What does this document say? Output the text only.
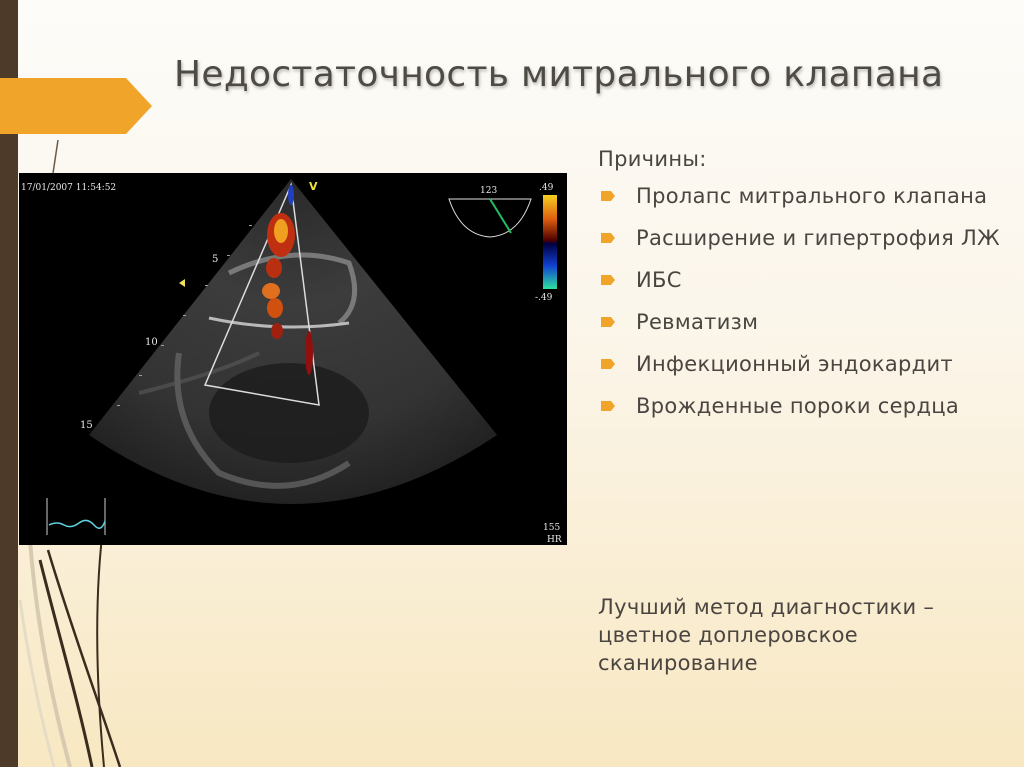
Недостаточность митрального клапана
5
10
15
17/01/2007 11:54:52	V	123	.49
-.49
155
HR

Причины:

Пролапс митрального клапана
Расширение и гипертрофия ЛЖ
ИБС
Ревматизм
Инфекционный эндокардит
Врожденные пороки сердца

Лучший метод диагностики – цветное доплеровское сканирование
